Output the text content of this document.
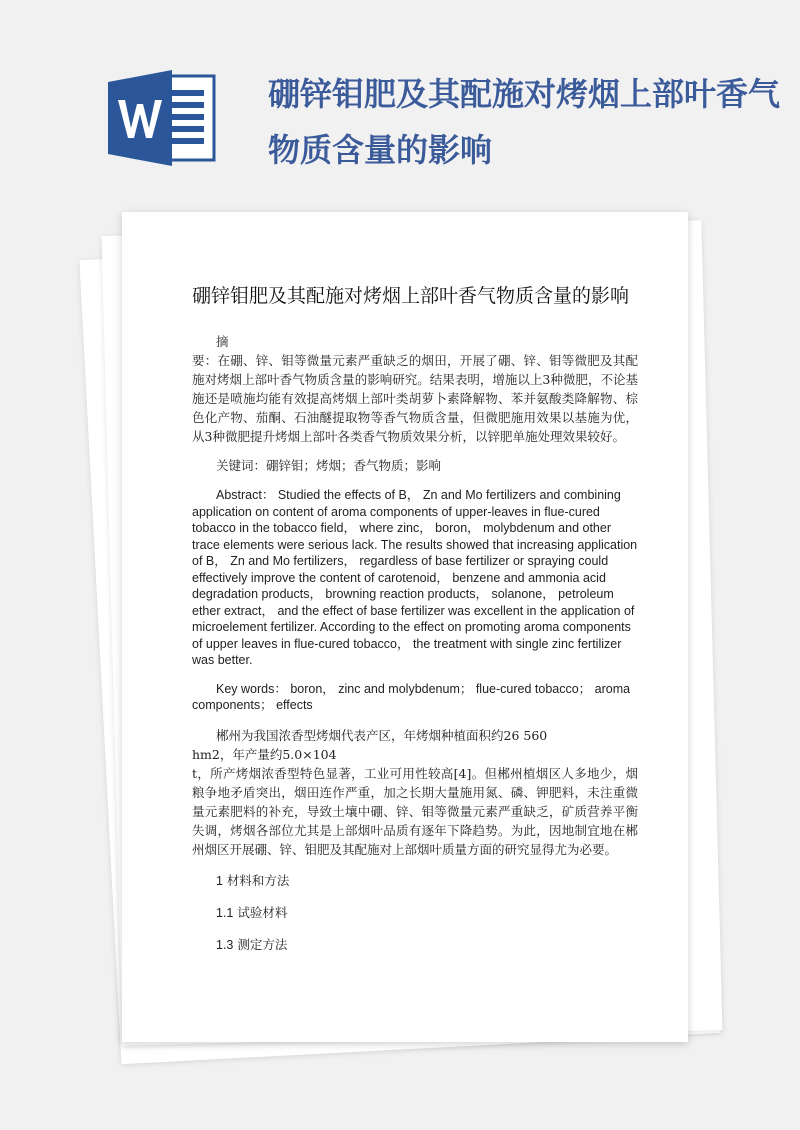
硼锌钼肥及其配施对烤烟上部叶香气物质含量的影响
硼锌钼肥及其配施对烤烟上部叶香气物质含量的影响

摘

要：在硼、锌、钼等微量元素严重缺乏的烟田，开展了硼、锌、钼等微肥及其配施对烤烟上部叶香气物质含量的影响研究。结果表明，增施以上3种微肥，不论基施还是喷施均能有效提高烤烟上部叶类胡萝卜素降解物、苯并氨酸类降解物、棕色化产物、茄酮、石油醚提取物等香气物质含量，但微肥施用效果以基施为优，从3种微肥提升烤烟上部叶各类香气物质效果分析，以锌肥单施处理效果较好。

关键词：硼锌钼；烤烟；香气物质；影响

Abstract： Studied the effects of B， Zn and Mo fertilizers and combining application on content of aroma components of upper-leaves in flue-cured tobacco in the tobacco field， where zinc， boron， molybdenum and other trace elements were serious lack. The results showed that increasing application of B， Zn and Mo fertilizers， regardless of base fertilizer or spraying could effectively improve the content of carotenoid， benzene and ammonia acid degradation products， browning reaction products， solanone， petroleum ether extract， and the effect of base fertilizer was excellent in the application of microelement fertilizer. According to the effect on promoting aroma components of upper leaves in flue-cured tobacco， the treatment with single zinc fertilizer was better.

Key words： boron， zinc and molybdenum； flue-cured tobacco； aroma components； effects

郴州为我国浓香型烤烟代表产区，年烤烟种植面积约26 560

hm2，年产量约5.0×104

t，所产烤烟浓香型特色显著，工业可用性较高[4]。但郴州植烟区人多地少，烟粮争地矛盾突出，烟田连作严重，加之长期大量施用氮、磷、钾肥料，未注重微量元素肥料的补充，导致土壤中硼、锌、钼等微量元素严重缺乏，矿质营养平衡失调，烤烟各部位尤其是上部烟叶品质有逐年下降趋势。为此，因地制宜地在郴州烟区开展硼、锌、钼肥及其配施对上部烟叶质量方面的研究显得尤为必要。

1 材料和方法

1.1 试验材料

1.3 测定方法
